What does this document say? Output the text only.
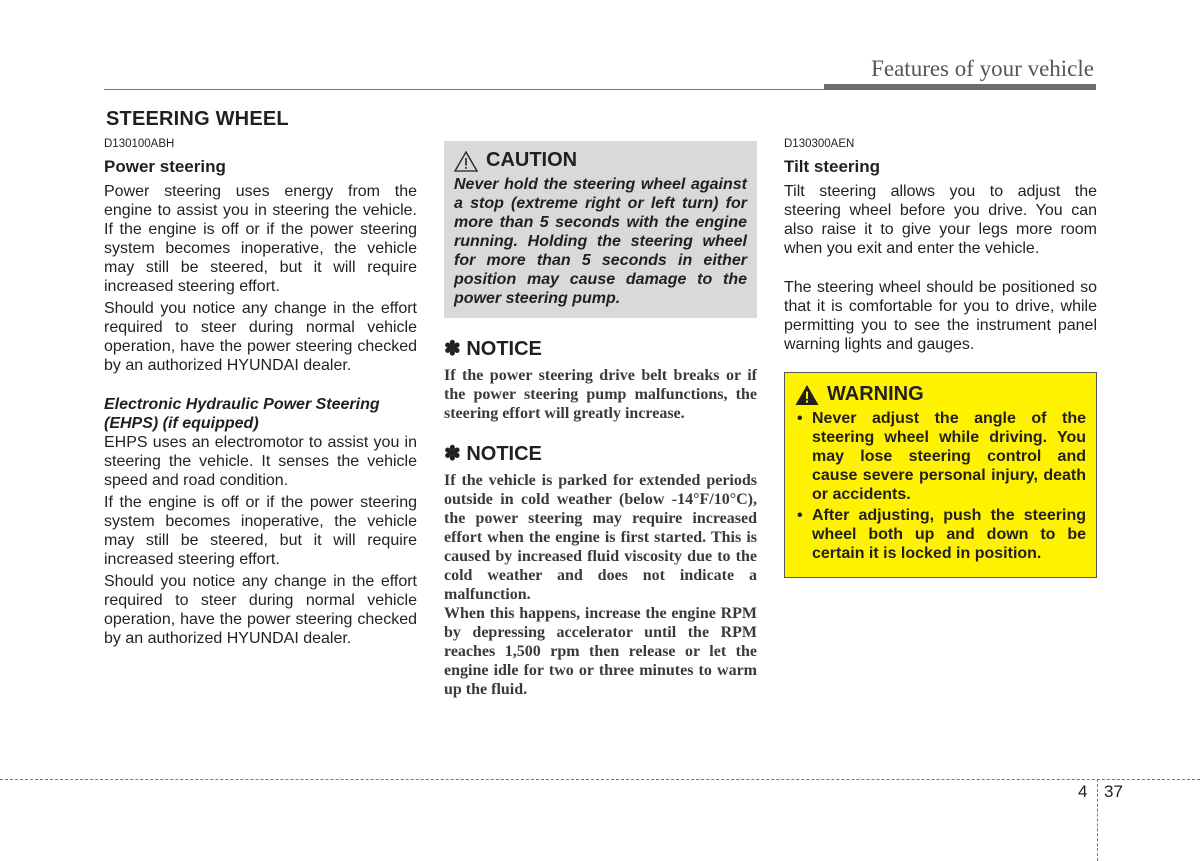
Features of your vehicle
STEERING WHEEL
D130100ABH
Power steering

Power steering uses energy from the engine to assist you in steering the vehicle. If the engine is off or if the power steering system becomes inoperative, the vehicle may still be steered, but it will require increased steering effort.

Should you notice any change in the effort required to steer during normal vehicle operation, have the power steering checked by an authorized HYUNDAI dealer.

Electronic Hydraulic Power Steering (EHPS) (if equipped)

EHPS uses an electromotor to assist you in steering the vehicle. It senses the vehicle speed and road condition.

If the engine is off or if the power steering system becomes inoperative, the vehicle may still be steered, but it will require increased steering effort.

Should you notice any change in the effort required to steer during normal vehicle operation, have the power steering checked by an authorized HYUNDAI dealer.

CAUTION
Never hold the steering wheel against a stop (extreme right or left turn) for more than 5 seconds with the engine running. Holding the steering wheel for more than 5 seconds in either position may cause damage to the power steering pump.
✽ NOTICE

If the power steering drive belt breaks or if the power steering pump malfunctions, the steering effort will greatly increase.

✽ NOTICE

If the vehicle is parked for extended periods outside in cold weather (below -14°F/10°C), the power steering may require increased effort when the engine is first started. This is caused by increased fluid viscosity due to the cold weather and does not indicate a malfunction.

When this happens, increase the engine RPM by depressing accelerator until the RPM reaches 1,500 rpm then release or let the engine idle for two or three minutes to warm up the fluid.

D130300AEN
Tilt steering

Tilt steering allows you to adjust the steering wheel before you drive. You can also raise it to give your legs more room when you exit and enter the vehicle.

The steering wheel should be positioned so that it is comfortable for you to drive, while permitting you to see the instrument panel warning lights and gauges.

WARNING
• Never adjust the angle of the steering wheel while driving. You may lose steering control and cause severe personal injury, death or accidents.
• After adjusting, push the steering wheel both up and down to be certain it is locked in position.
4 37
